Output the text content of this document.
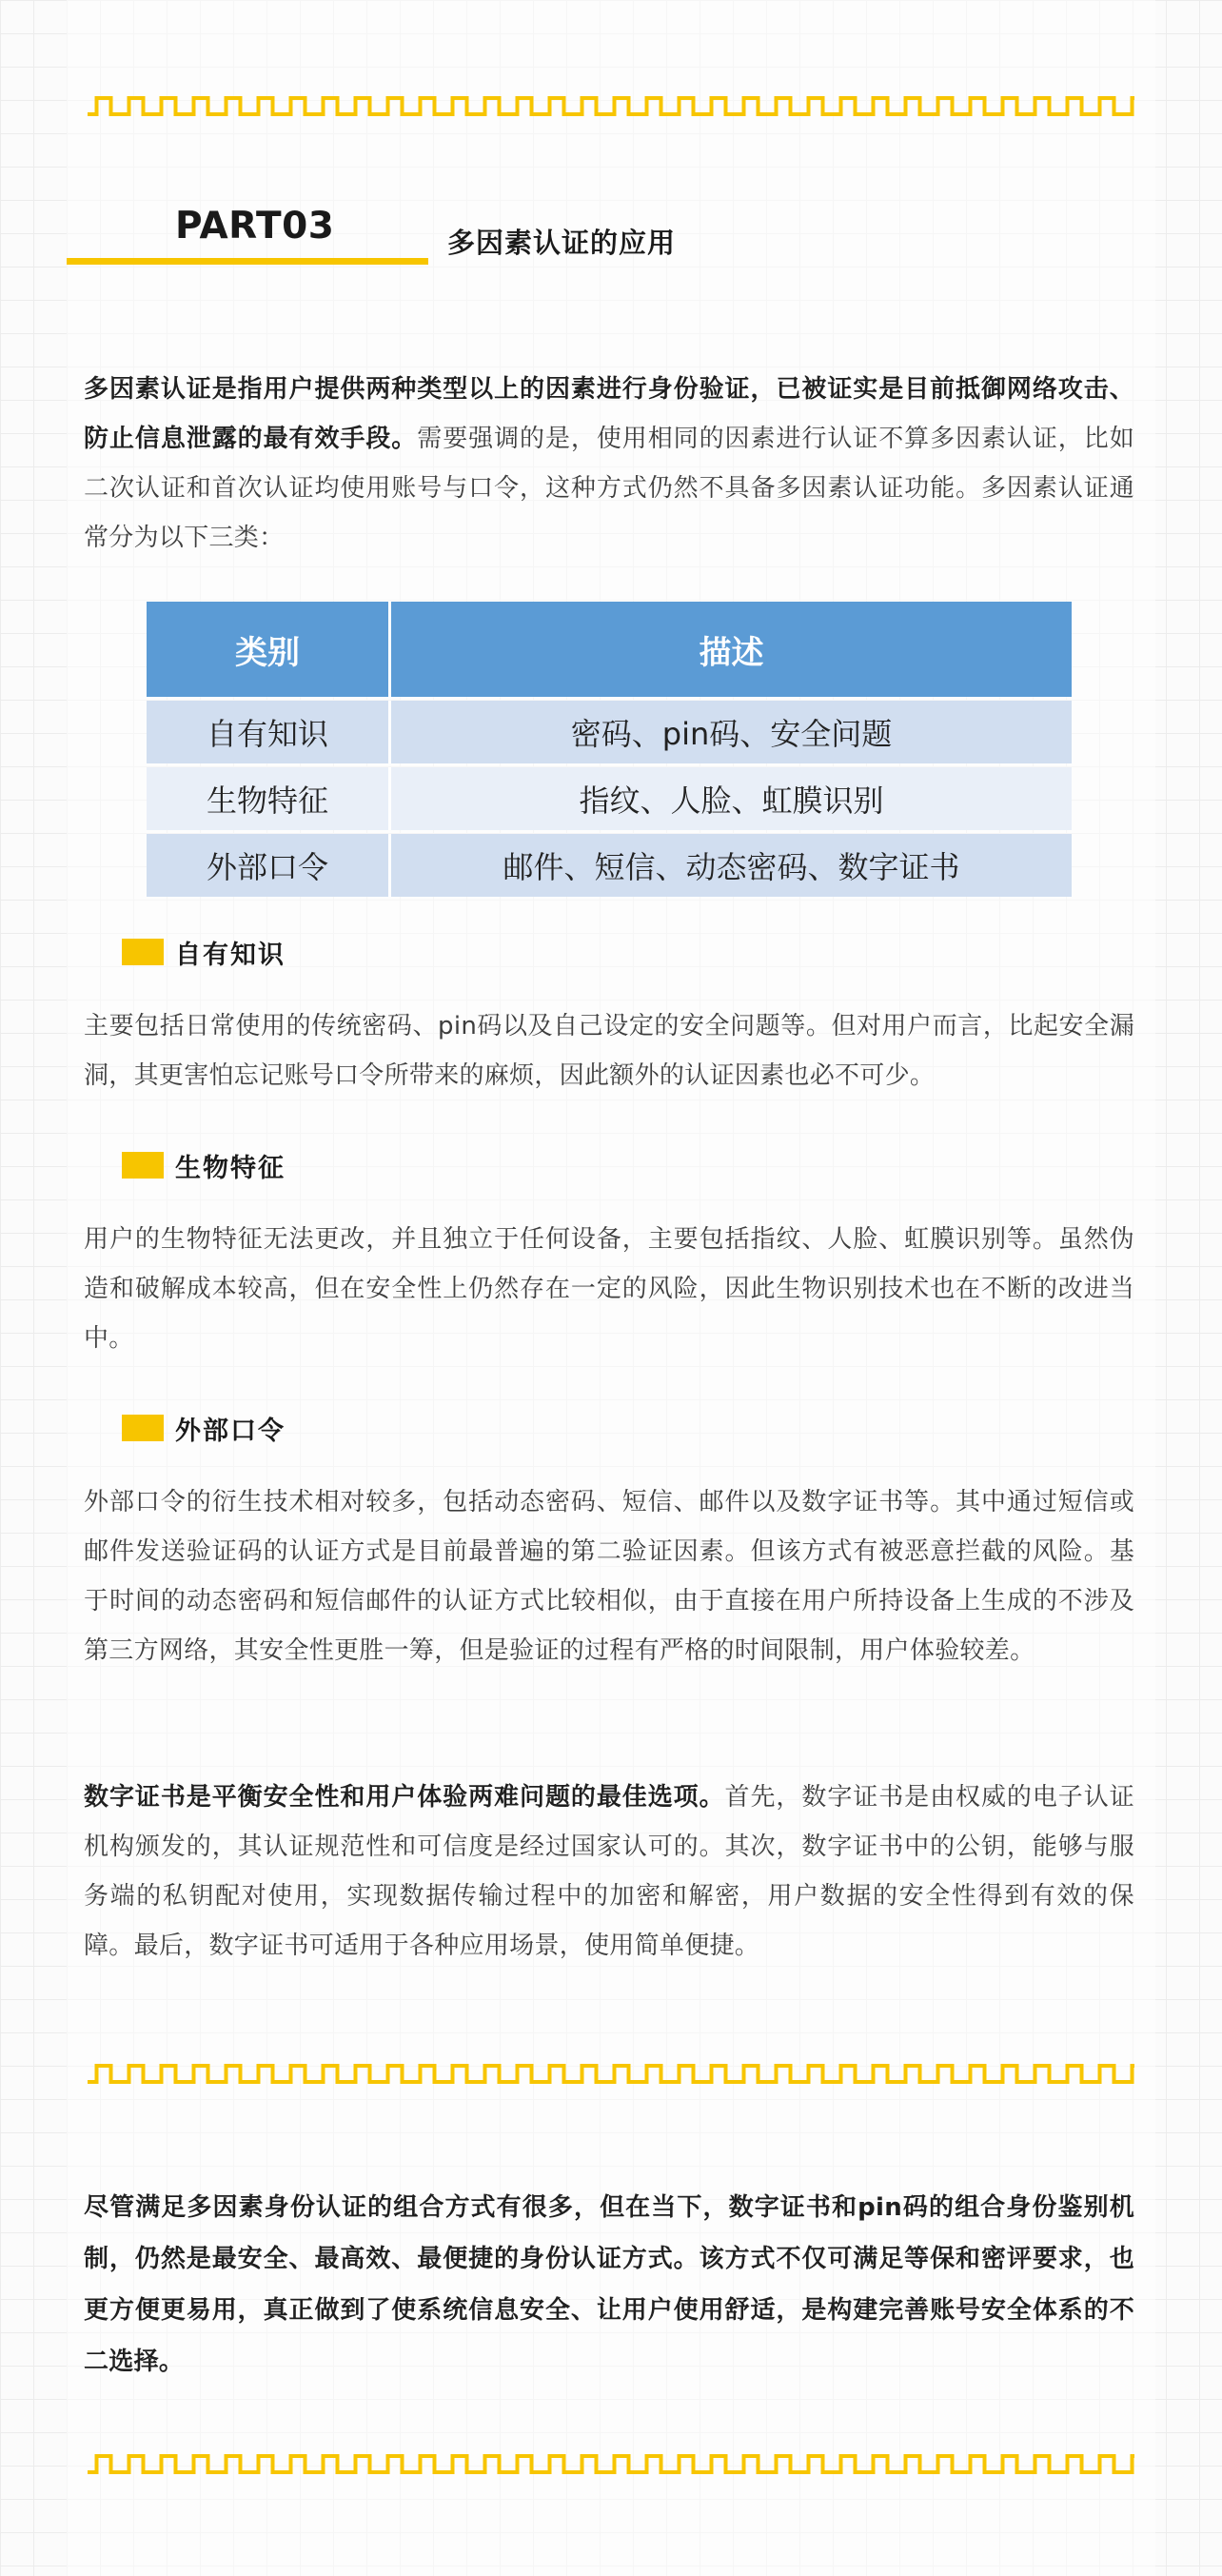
PART03	多因素认证的应用

多因素认证是指用户提供两种类型以上的因素进行身份验证，已被证实是目前抵御网络攻击、防止信息泄露的最有效手段。需要强调的是，使用相同的因素进行认证不算多因素认证，比如二次认证和首次认证均使用账号与口令，这种方式仍然不具备多因素认证功能。多因素认证通常分为以下三类：

类别	描述
自有知识	密码、pin码、安全问题
生物特征	指纹、人脸、虹膜识别
外部口令	邮件、短信、动态密码、数字证书
自有知识

主要包括日常使用的传统密码、pin码以及自己设定的安全问题等。但对用户而言，比起安全漏洞，其更害怕忘记账号口令所带来的麻烦，因此额外的认证因素也必不可少。

生物特征

用户的生物特征无法更改，并且独立于任何设备，主要包括指纹、人脸、虹膜识别等。虽然伪造和破解成本较高，但在安全性上仍然存在一定的风险，因此生物识别技术也在不断的改进当中。

外部口令

外部口令的衍生技术相对较多，包括动态密码、短信、邮件以及数字证书等。其中通过短信或邮件发送验证码的认证方式是目前最普遍的第二验证因素。但该方式有被恶意拦截的风险。基于时间的动态密码和短信邮件的认证方式比较相似，由于直接在用户所持设备上生成的不涉及第三方网络，其安全性更胜一筹，但是验证的过程有严格的时间限制，用户体验较差。

数字证书是平衡安全性和用户体验两难问题的最佳选项。首先，数字证书是由权威的电子认证机构颁发的，其认证规范性和可信度是经过国家认可的。其次，数字证书中的公钥，能够与服务端的私钥配对使用，实现数据传输过程中的加密和解密，用户数据的安全性得到有效的保障。最后，数字证书可适用于各种应用场景，使用简单便捷。

尽管满足多因素身份认证的组合方式有很多，但在当下，数字证书和pin码的组合身份鉴别机制，仍然是最安全、最高效、最便捷的身份认证方式。该方式不仅可满足等保和密评要求，也更方便更易用，真正做到了使系统信息安全、让用户使用舒适，是构建完善账号安全体系的不二选择。
